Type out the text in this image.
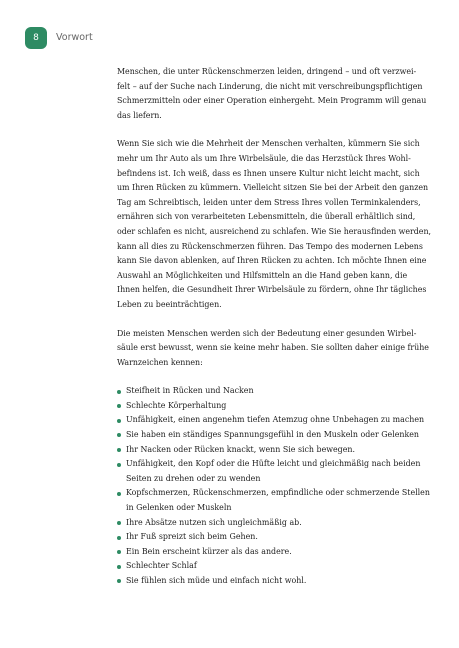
8	Vorwort

Menschen, die unter Rückenschmerzen leiden, dringend – und oft verzwei-
felt – auf der Suche nach Linderung, die nicht mit verschreibungspflichtigen
Schmerzmitteln oder einer Operation einhergeht. Mein Programm will genau
das liefern.

Wenn Sie sich wie die Mehrheit der Menschen verhalten, kümmern Sie sich
mehr um Ihr Auto als um Ihre Wirbelsäule, die das Herzstück Ihres Wohl-
befindens ist. Ich weiß, dass es Ihnen unsere Kultur nicht leicht macht, sich
um Ihren Rücken zu kümmern. Vielleicht sitzen Sie bei der Arbeit den ganzen
Tag am Schreibtisch, leiden unter dem Stress Ihres vollen Terminkalenders,
ernähren sich von verarbeiteten Lebensmitteln, die überall erhältlich sind,
oder schlafen es nicht, ausreichend zu schlafen. Wie Sie herausfinden werden,
kann all dies zu Rückenschmerzen führen. Das Tempo des modernen Lebens
kann Sie davon ablenken, auf Ihren Rücken zu achten. Ich möchte Ihnen eine
Auswahl an Möglichkeiten und Hilfsmitteln an die Hand geben kann, die
Ihnen helfen, die Gesundheit Ihrer Wirbelsäule zu fördern, ohne Ihr tägliches
Leben zu beeinträchtigen.

Die meisten Menschen werden sich der Bedeutung einer gesunden Wirbel-
säule erst bewusst, wenn sie keine mehr haben. Sie sollten daher einige frühe
Warnzeichen kennen:

Steifheit in Rücken und Nacken
Schlechte Körperhaltung
Unfähigkeit, einen angenehm tiefen Atemzug ohne Unbehagen zu machen
Sie haben ein ständiges Spannungsgefühl in den Muskeln oder Gelenken
Ihr Nacken oder Rücken knackt, wenn Sie sich bewegen.
Unfähigkeit, den Kopf oder die Hüfte leicht und gleichmäßig nach beiden
Seiten zu drehen oder zu wenden
Kopfschmerzen, Rückenschmerzen, empfindliche oder schmerzende Stellen
in Gelenken oder Muskeln
Ihre Absätze nutzen sich ungleichmäßig ab.
Ihr Fuß spreizt sich beim Gehen.
Ein Bein erscheint kürzer als das andere.
Schlechter Schlaf
Sie fühlen sich müde und einfach nicht wohl.
